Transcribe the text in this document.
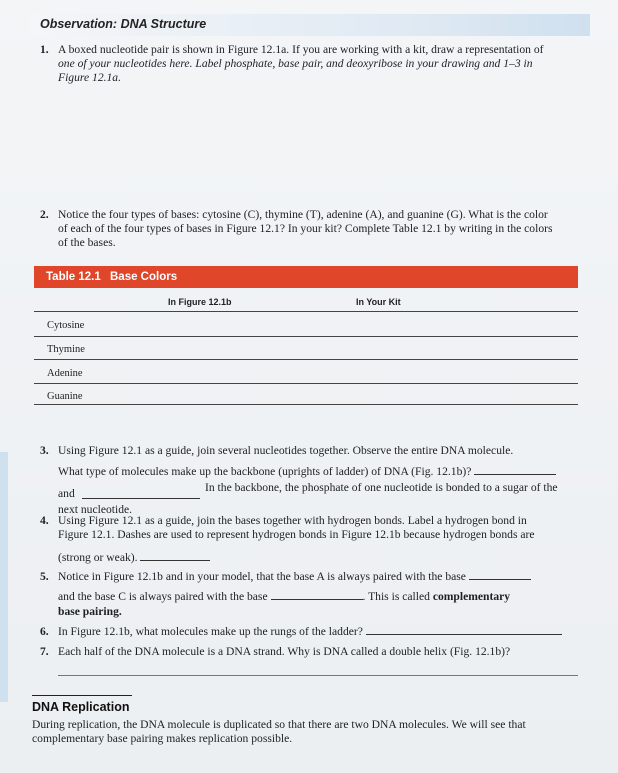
Observation: DNA Structure
1. A boxed nucleotide pair is shown in Figure 12.1a. If you are working with a kit, draw a representation of
one of your nucleotides here. Label phosphate, base pair, and deoxyribose in your drawing and 1–3 in
Figure 12.1a.
2. Notice the four types of bases: cytosine (C), thymine (T), adenine (A), and guanine (G). What is the color
of each of the four types of bases in Figure 12.1? In your kit? Complete Table 12.1 by writing in the colors
of the bases.
Table 12.1 Base Colors
In Figure 12.1b	In Your Kit
Cytosine
Thymine
Adenine
Guanine
3. Using Figure 12.1 as a guide, join several nucleotides together. Observe the entire DNA molecule.
What type of molecules make up the backbone (uprights of ladder) of DNA (Fig. 12.1b)?
and	In the backbone, the phosphate of one nucleotide is bonded to a sugar of the
next nucleotide.
4. Using Figure 12.1 as a guide, join the bases together with hydrogen bonds. Label a hydrogen bond in
Figure 12.1. Dashes are used to represent hydrogen bonds in Figure 12.1b because hydrogen bonds are
(strong or weak).
5. Notice in Figure 12.1b and in your model, that the base A is always paired with the base
and the base C is always paired with the base	. This is called complementary
base pairing.
6. In Figure 12.1b, what molecules make up the rungs of the ladder?
7. Each half of the DNA molecule is a DNA strand. Why is DNA called a double helix (Fig. 12.1b)?
DNA Replication
During replication, the DNA molecule is duplicated so that there are two DNA molecules. We will see that
complementary base pairing makes replication possible.
